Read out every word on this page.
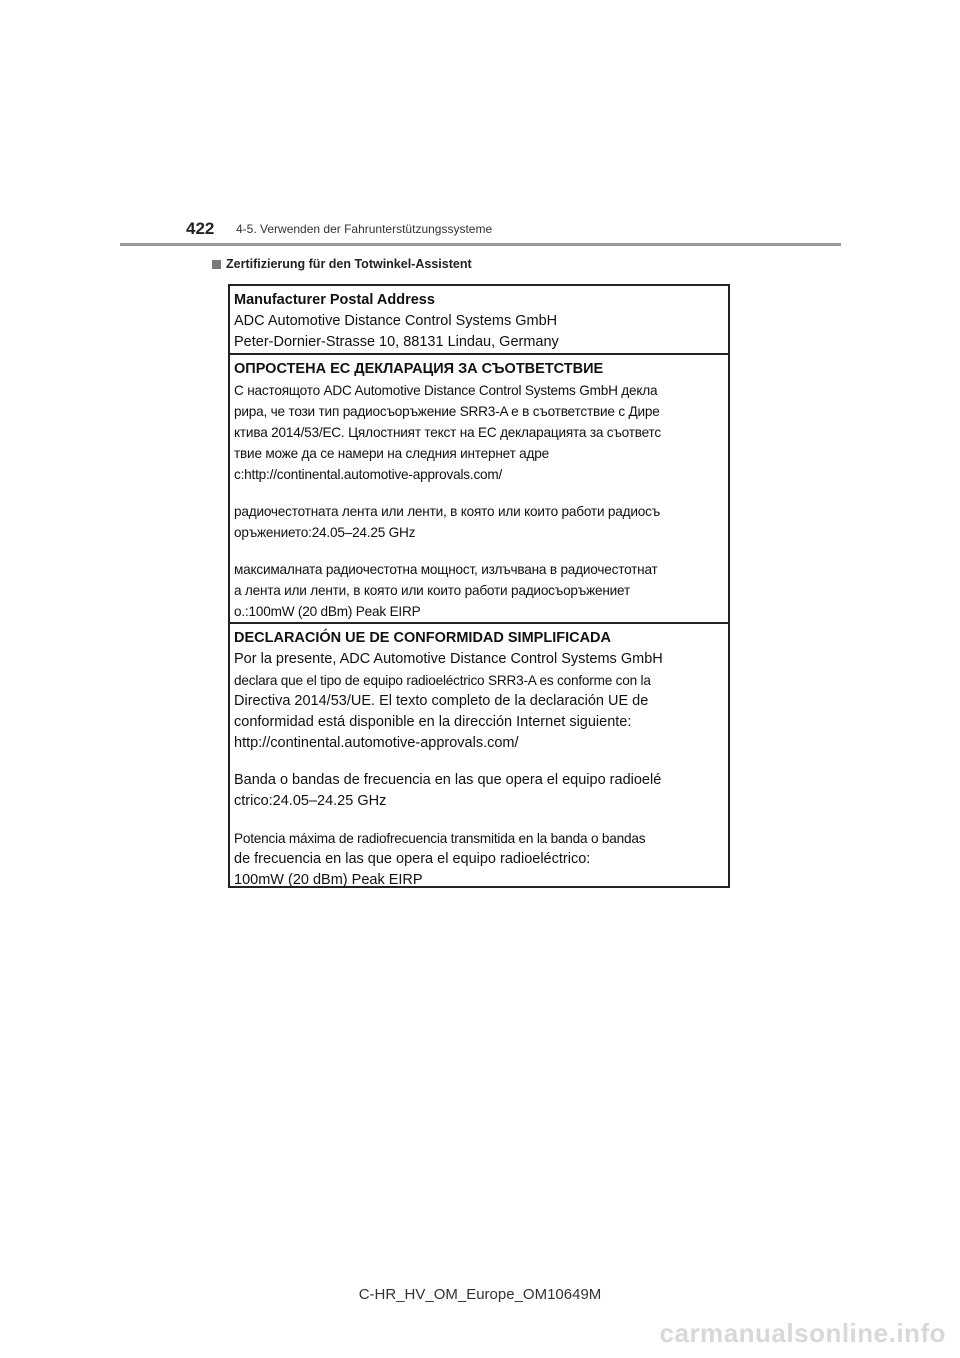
422 4-5. Verwenden der Fahrunterstützungssysteme
Zertifizierung für den Totwinkel-Assistent
Manufacturer Postal Address
ADC Automotive Distance Control Systems GmbH
Peter-Dornier-Strasse 10, 88131 Lindau, Germany
ОПРОСТЕНА ЕС ДЕКЛАРАЦИЯ ЗА СЪОТВЕТСТВИЕ
С настоящото ADC Automotive Distance Control Systems GmbH декла
рира, че този тип радиосъоръжение SRR3-A е в съответствие с Дире
ктива 2014/53/ЕС. Цялостният текст на ЕС декларацията за съответс
твие може да се намери на следния интернет адре
c:http://continental.automotive-approvals.com/
радиочестотната лента или ленти, в която или които работи радиосъ
оръжението:24.05–24.25 GHz
максималната радиочестотна мощност, излъчвана в радиочестотнат
а лента или ленти, в която или които работи радиосъоръжениет
о.:100mW (20 dBm) Peak EIRP
DECLARACIÓN UE DE CONFORMIDAD SIMPLIFICADA
Por la presente, ADC Automotive Distance Control Systems GmbH
declara que el tipo de equipo radioeléctrico SRR3-A es conforme con la
Directiva 2014/53/UE. El texto completo de la declaración UE de
conformidad está disponible en la dirección Internet siguiente:
http://continental.automotive-approvals.com/
Banda o bandas de frecuencia en las que opera el equipo radioelé
ctrico:24.05–24.25 GHz
Potencia máxima de radiofrecuencia transmitida en la banda o bandas
de frecuencia en las que opera el equipo radioeléctrico:
100mW (20 dBm) Peak EIRP
C-HR_HV_OM_Europe_OM10649M
carmanualsonline.info
